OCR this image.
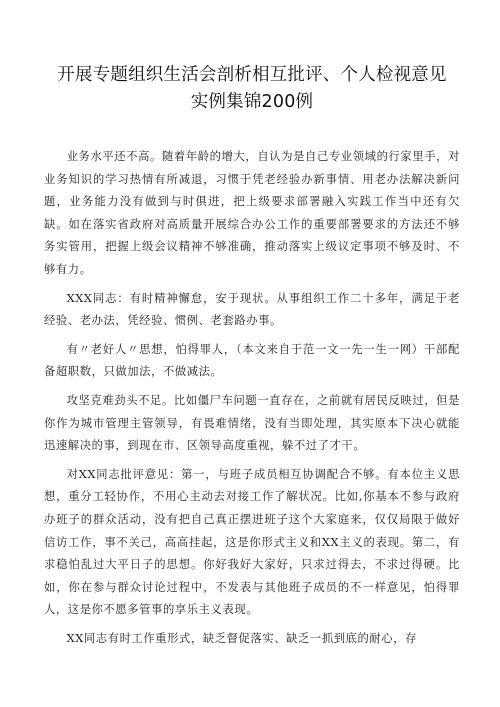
开展专题组织生活会剖析相互批评、个人检视意见
实例集锦200例

业务水平还不高。随着年龄的增大，自认为是自己专业领域的行家里手，对业务知识的学习热情有所减退，习惯于凭老经验办新事情、用老办法解决新问题，业务能力没有做到与时俱进，把上级要求部署融入实践工作当中还有欠缺。如在落实省政府对高质量开展综合办公工作的重要部署要求的方法还不够务实管用，把握上级会议精神不够准确，推动落实上级议定事项不够及时、不够有力。

XXX同志：有时精神懈怠，安于现状。从事组织工作二十多年，满足于老经验、老办法，凭经验、惯例、老套路办事。

有〃老好人〃思想，怕得罪人，（本文来自于范一文一先一生一网）干部配备超职数，只做加法，不做减法。

攻坚克难劲头不足。比如僵尸车问题一直存在，之前就有居民反映过，但是你作为城市管理主管领导，有畏难情绪，没有当即处理，其实原本下决心就能迅速解决的事，到现在市、区领导高度重视，躲不过了才干。

对XX同志批评意见：第一，与班子成员相互协调配合不够。有本位主义思想，重分工轻协作，不用心主动去对接工作了解状况。比如,你基本不参与政府办班子的群众活动，没有把自己真正摆进班子这个大家庭来，仅仅局限于做好信访工作，事不关己，高高挂起，这是你形式主义和XX主义的表现。第二，有求稳怕乱过大平日子的思想。你好我好大家好，只求过得去，不求过得硬。比如，你在参与群众讨论过程中，不发表与其他班子成员的不一样意见，怕得罪人，这是你不愿多管事的享乐主义表现。

XX同志有时工作重形式，缺乏督促落实、缺乏一抓到底的耐心，存
